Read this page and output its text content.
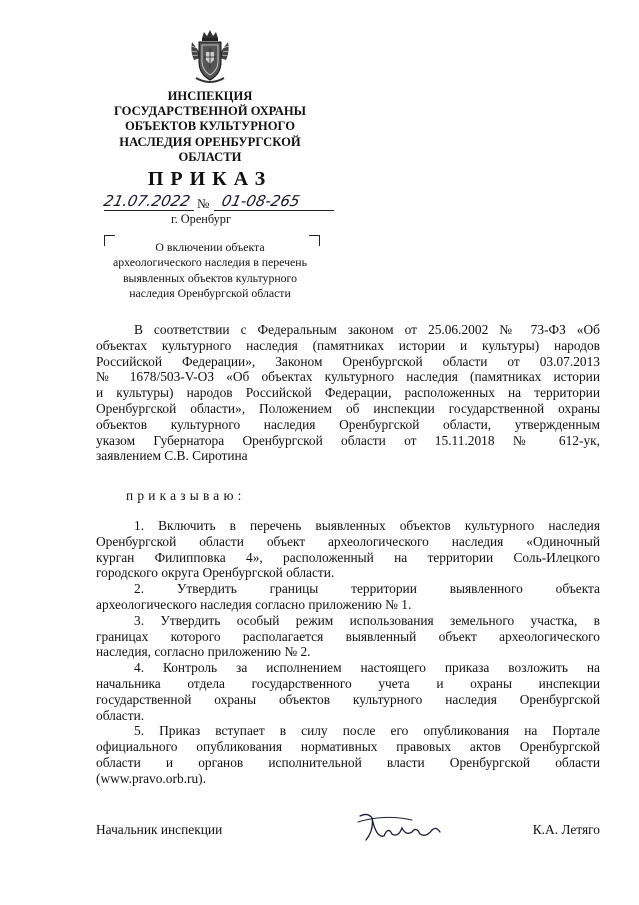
ИНСПЕКЦИЯ
ГОСУДАРСТВЕННОЙ ОХРАНЫ
ОБЪЕКТОВ КУЛЬТУРНОГО
НАСЛЕДИЯ ОРЕНБУРГСКОЙ
ОБЛАСТИ
ПРИКАЗ
21.07.2022 № 01-08-265
г. Оренбург
О включении объекта
археологического наследия в перечень
выявленных объектов культурного
наследия Оренбургской области
В соответствии с Федеральным законом от 25.06.2002 № 73-ФЗ «Об
объектах культурного наследия (памятниках истории и культуры) народов
Российской Федерации», Законом Оренбургской области от 03.07.2013
№ 1678/503-V-ОЗ «Об объектах культурного наследия (памятниках истории
и культуры) народов Российской Федерации, расположенных на территории
Оренбургской области», Положением об инспекции государственной охраны
объектов культурного наследия Оренбургской области, утвержденным
указом Губернатора Оренбургской области от 15.11.2018 № 612-ук,
заявлением С.В. Сиротина
приказываю:
1. Включить в перечень выявленных объектов культурного наследия
Оренбургской области объект археологического наследия «Одиночный
курган Филипповка 4», расположенный на территории Соль-Илецкого
городского округа Оренбургской области.
2. Утвердить границы территории выявленного объекта
археологического наследия согласно приложению № 1.
3. Утвердить особый режим использования земельного участка, в
границах которого располагается выявленный объект археологического
наследия, согласно приложению № 2.
4. Контроль за исполнением настоящего приказа возложить на
начальника отдела государственного учета и охраны инспекции
государственной охраны объектов культурного наследия Оренбургской
области.
5. Приказ вступает в силу после его опубликования на Портале
официального опубликования нормативных правовых актов Оренбургской
области и органов исполнительной власти Оренбургской области
(www.pravo.orb.ru).
Начальник инспекции	К.А. Летяго
